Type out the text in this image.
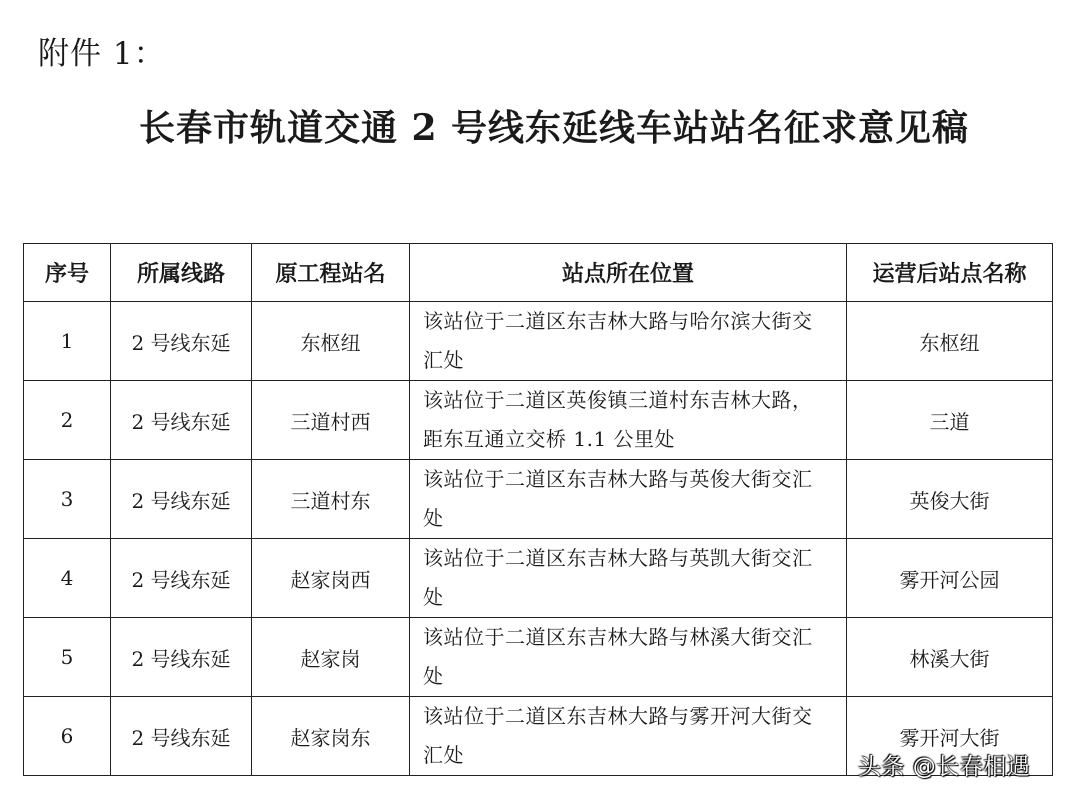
附件 1：
长春市轨道交通 2 号线东延线车站站名征求意见稿
序号	所属线路	原工程站名	站点所在位置	运营后站点名称
1	2 号线东延	东枢纽	该站位于二道区东吉林大路与哈尔滨大街交汇处	东枢纽
2	2 号线东延	三道村西	该站位于二道区英俊镇三道村东吉林大路，距东互通立交桥 1.1 公里处	三道
3	2 号线东延	三道村东	该站位于二道区东吉林大路与英俊大街交汇处	英俊大街
4	2 号线东延	赵家岗西	该站位于二道区东吉林大路与英凯大街交汇处	雾开河公园
5	2 号线东延	赵家岗	该站位于二道区东吉林大路与林溪大街交汇处	林溪大街
6	2 号线东延	赵家岗东	该站位于二道区东吉林大路与雾开河大街交汇处	雾开河大街
头条 @长春相遇
